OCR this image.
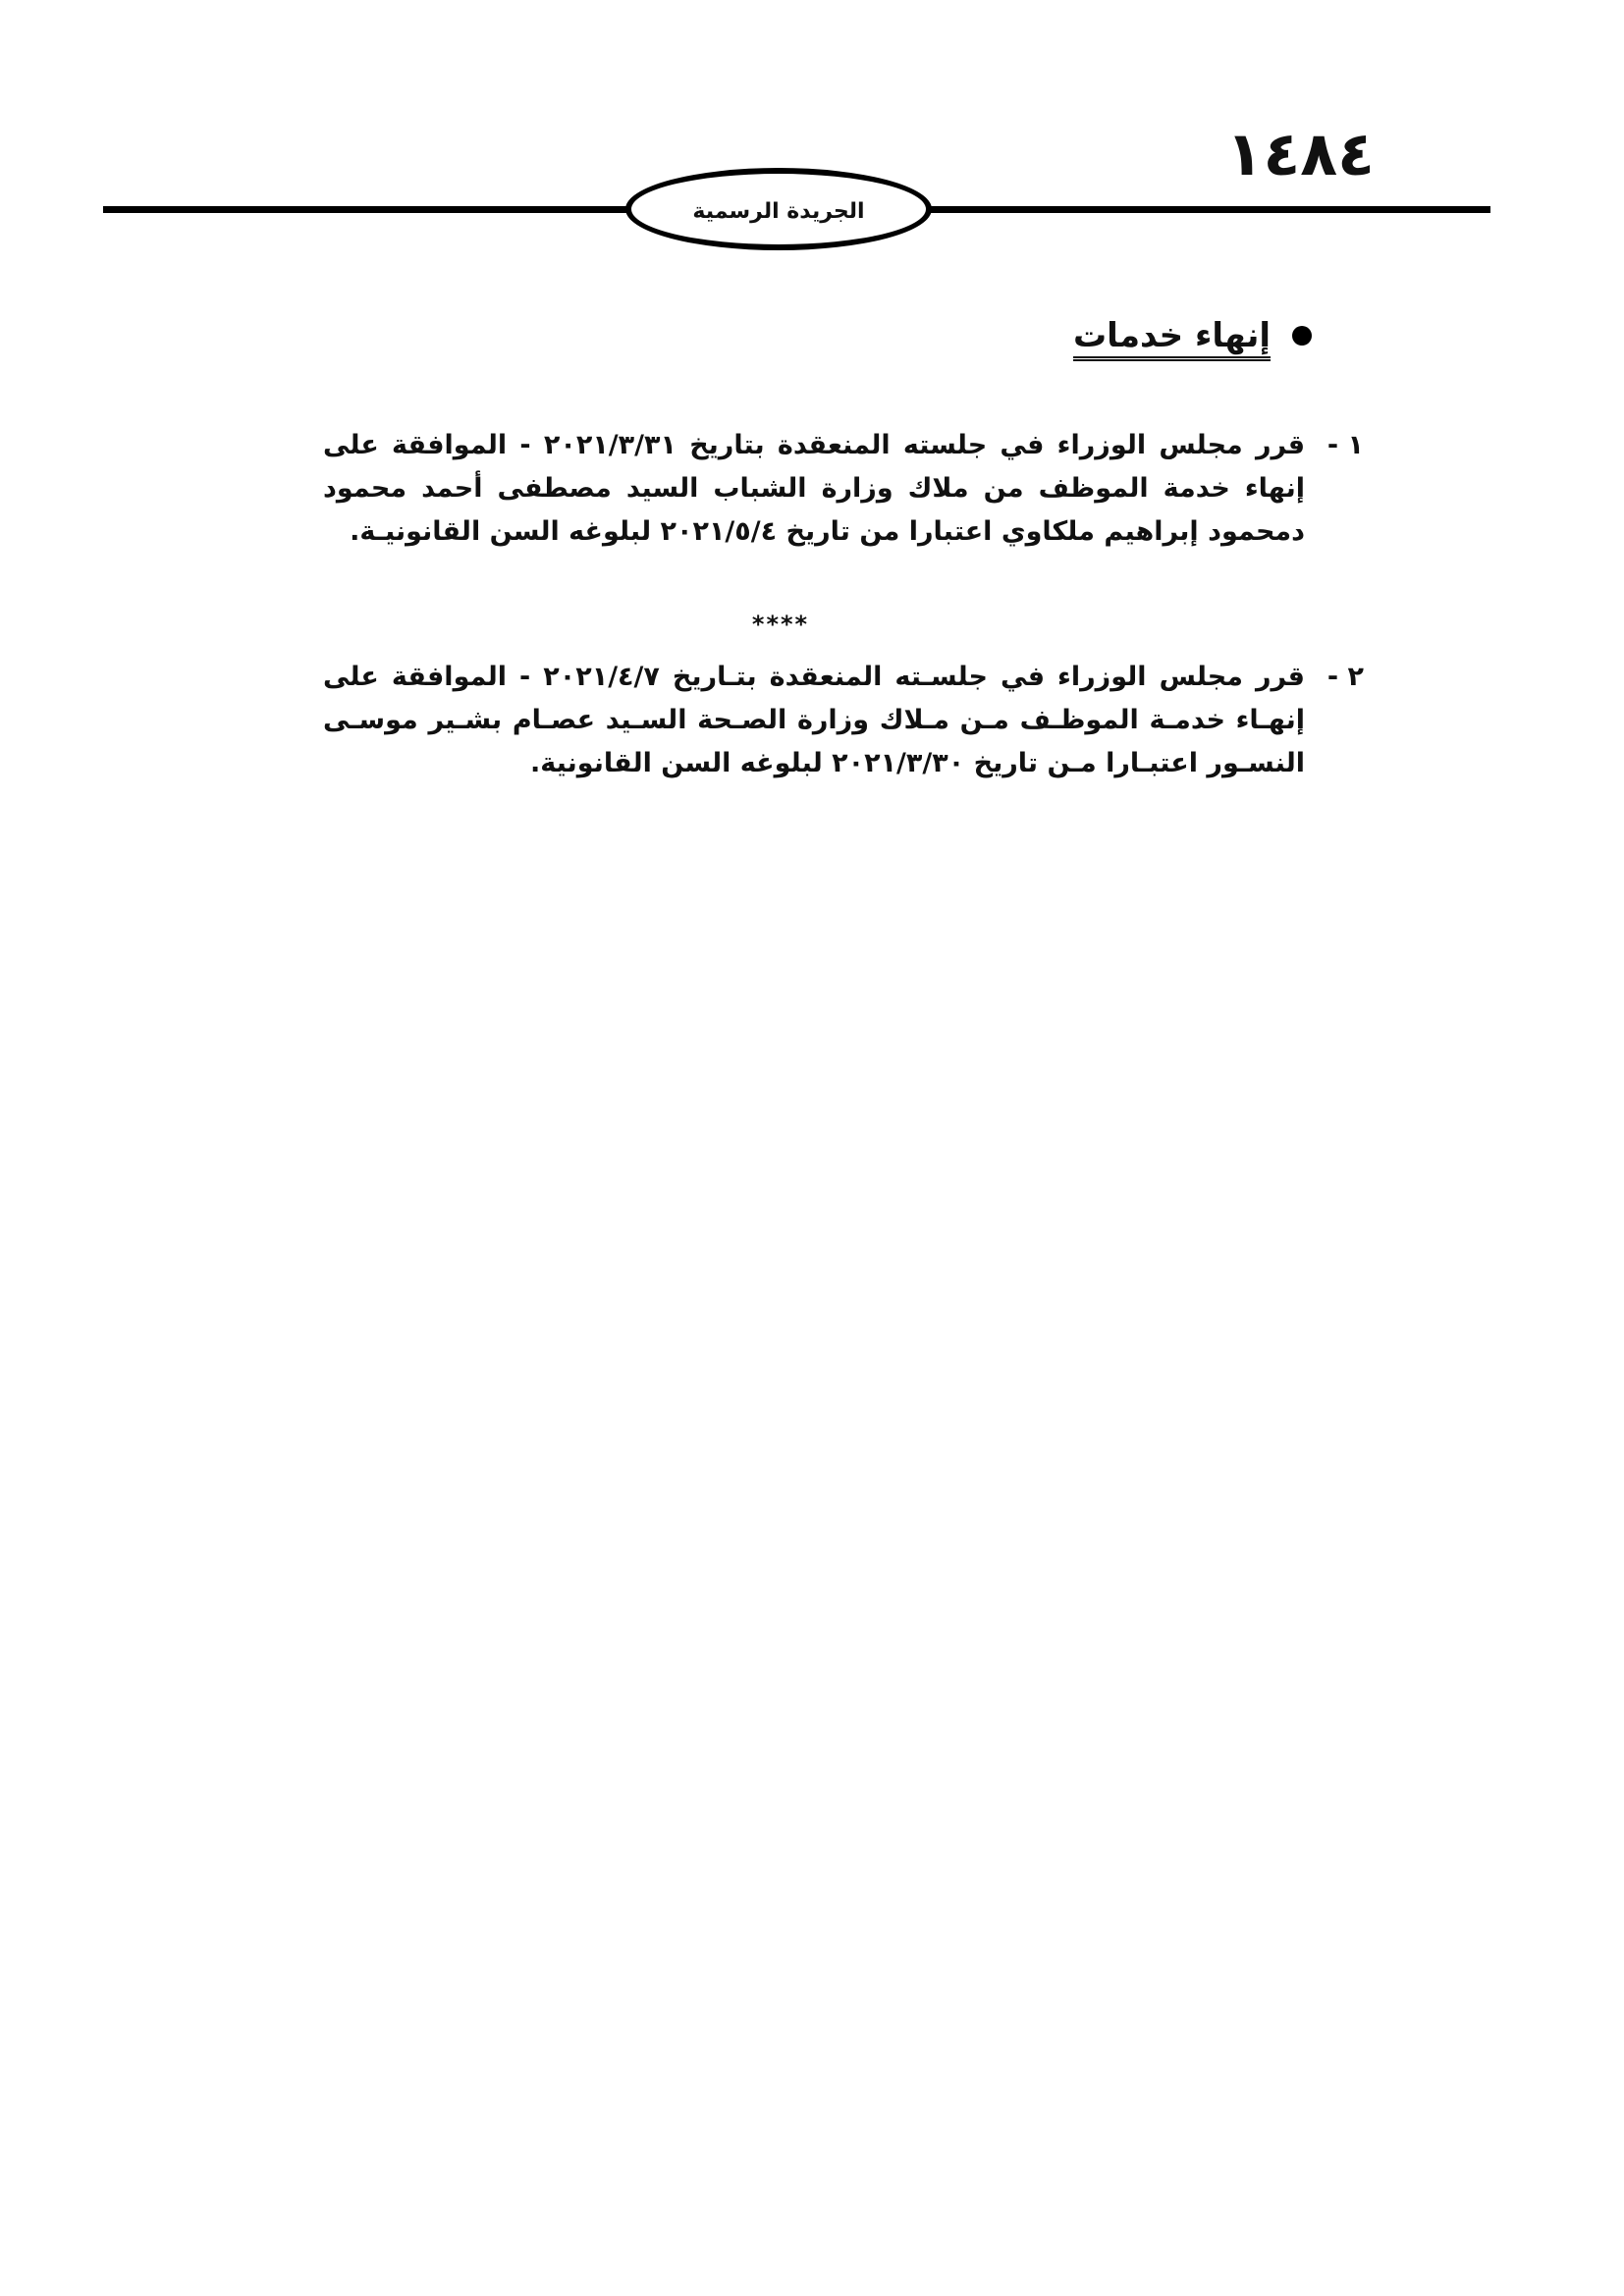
١٤٨٤
الجريدة الرسمية
إنهاء خدمات
١ -
قرر مجلس الوزراء في جلسته المنعقدة بتاريخ ٢٠٢١/٣/٣١ - الموافقة على إنهاء خدمة الموظف من ملاك وزارة الشباب السيد مصطفى أحمد محمود دمحمود إبراهيم ملكاوي اعتبارا من تاريخ ٢٠٢١/٥/٤ لبلوغه السن القانونيـة.
****
٢ -
قرر مجلس الوزراء في جلسـته المنعقدة بتـاريخ ٢٠٢١/٤/٧ - الموافقة على إنهـاء خدمـة الموظـف مـن مـلاك وزارة الصـحة السـيد عصـام بشـير موسـى النسـور اعتبـارا مـن تاريخ ٢٠٢١/٣/٣٠ لبلوغه السن القانونية.
